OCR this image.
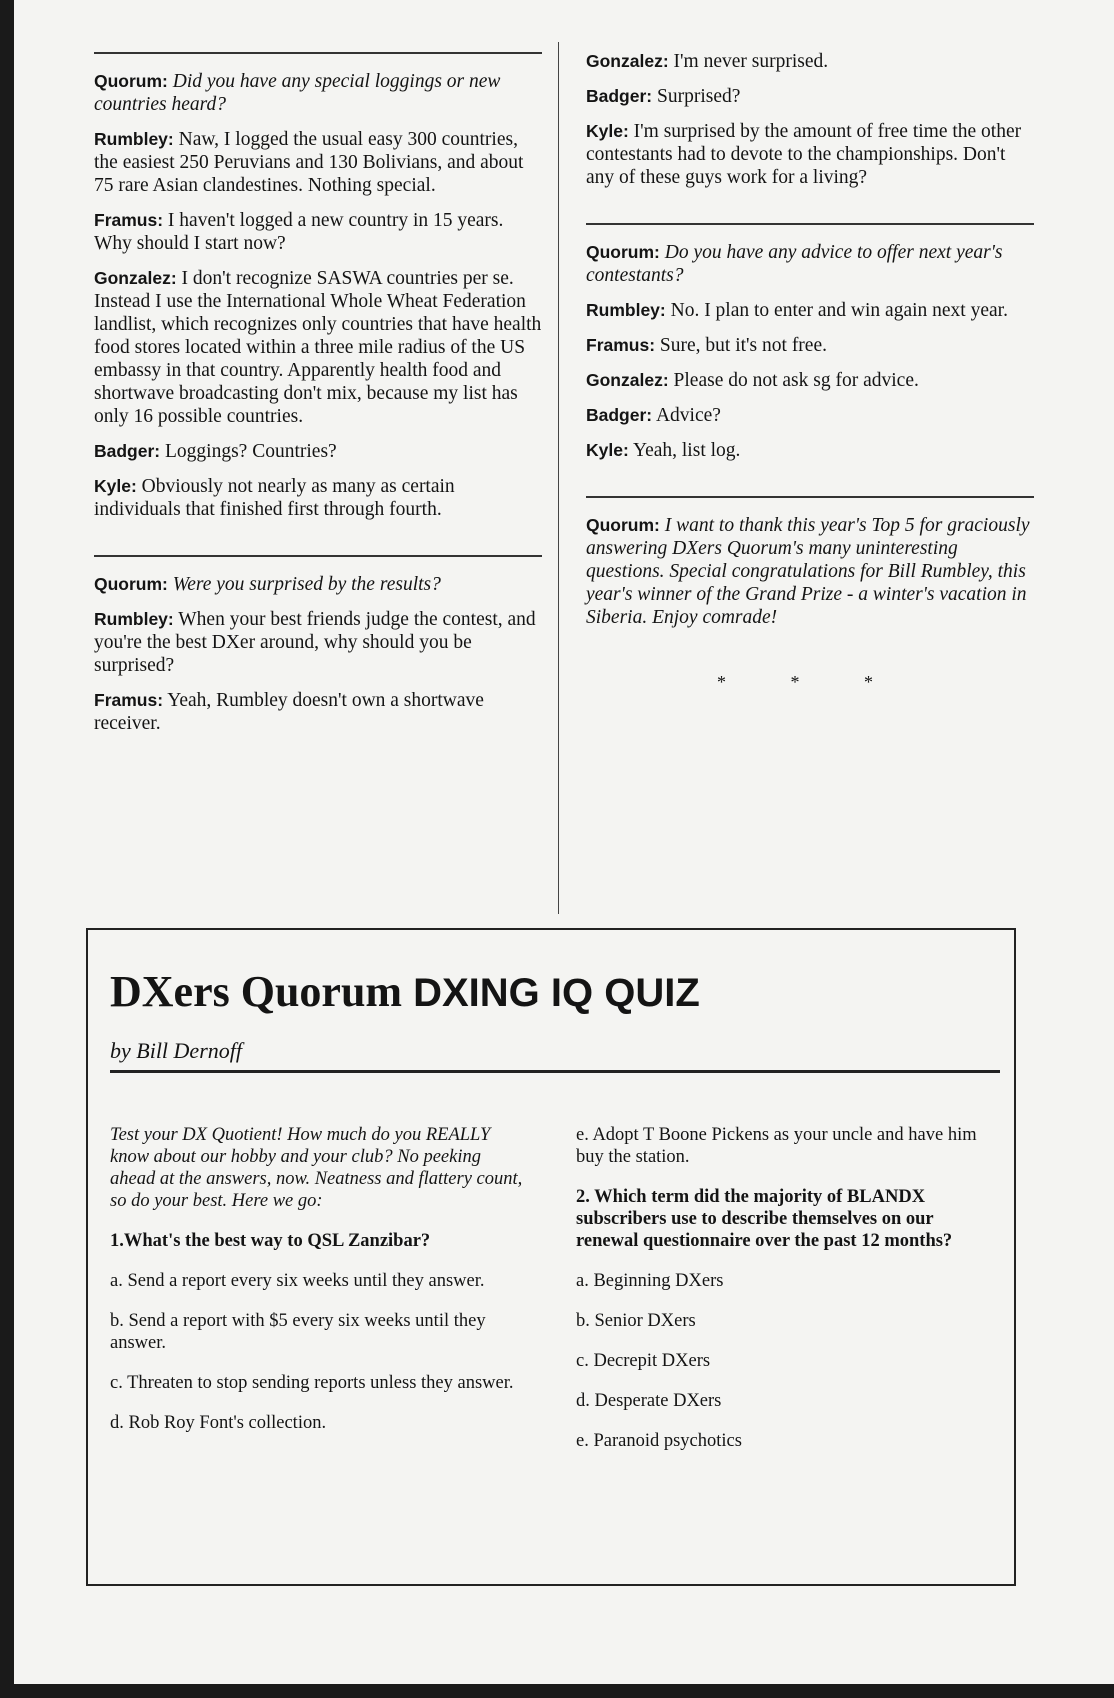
Quorum: Did you have any special loggings or new countries heard?

Rumbley: Naw, I logged the usual easy 300 countries, the easiest 250 Peruvians and 130 Bolivians, and about 75 rare Asian clandestines. Nothing special.

Framus: I haven't logged a new country in 15 years. Why should I start now?

Gonzalez: I don't recognize SASWA countries per se. Instead I use the International Whole Wheat Federation landlist, which recognizes only countries that have health food stores located within a three mile radius of the US embassy in that country. Apparently health food and shortwave broadcasting don't mix, because my list has only 16 possible countries.

Badger: Loggings? Countries?

Kyle: Obviously not nearly as many as certain individuals that finished first through fourth.

Quorum: Were you surprised by the results?

Rumbley: When your best friends judge the contest, and you're the best DXer around, why should you be surprised?

Framus: Yeah, Rumbley doesn't own a shortwave receiver.

Gonzalez: I'm never surprised.

Badger: Surprised?

Kyle: I'm surprised by the amount of free time the other contestants had to devote to the championships. Don't any of these guys work for a living?

Quorum: Do you have any advice to offer next year's contestants?

Rumbley: No. I plan to enter and win again next year.

Framus: Sure, but it's not free.

Gonzalez: Please do not ask sg for advice.

Badger: Advice?

Kyle: Yeah, list log.

Quorum: I want to thank this year's Top 5 for graciously answering DXers Quorum's many uninteresting questions. Special congratulations for Bill Rumbley, this year's winner of the Grand Prize - a winter's vacation in Siberia. Enjoy comrade!

* * *
DXers Quorum DXING IQ QUIZ
by Bill Dernoff

Test your DX Quotient! How much do you REALLY know about our hobby and your club? No peeking ahead at the answers, now. Neatness and flattery count, so do your best. Here we go:

1.What's the best way to QSL Zanzibar?

a. Send a report every six weeks until they answer.

b. Send a report with $5 every six weeks until they answer.

c. Threaten to stop sending reports unless they answer.

d. Rob Roy Font's collection.

e. Adopt T Boone Pickens as your uncle and have him buy the station.

2. Which term did the majority of BLANDX subscribers use to describe themselves on our renewal questionnaire over the past 12 months?

a. Beginning DXers

b. Senior DXers

c. Decrepit DXers

d. Desperate DXers

e. Paranoid psychotics
